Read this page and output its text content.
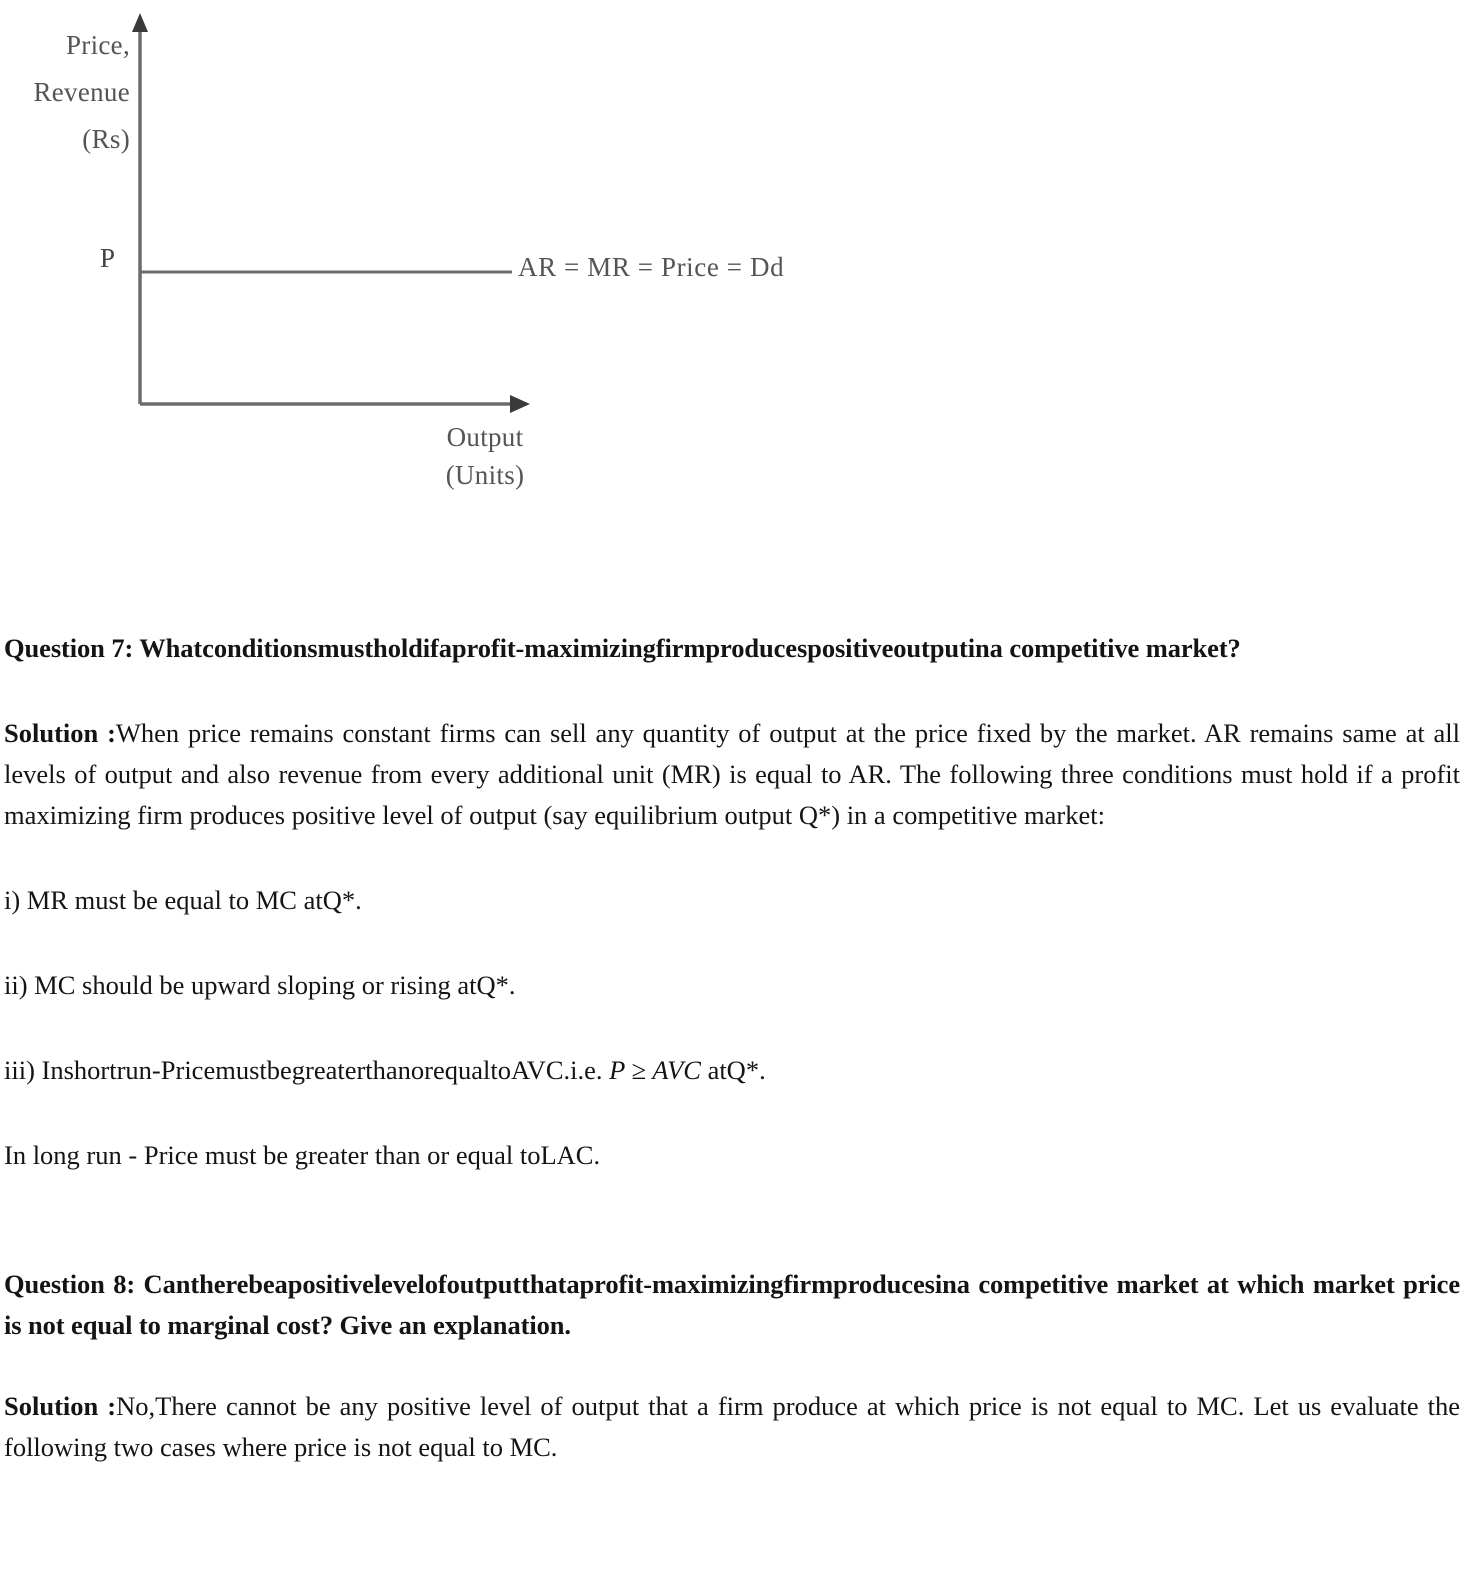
Price,
Revenue
(Rs)
P	AR = MR = Price = Dd
Output
(Units)

Question 7: Whatconditionsmustholdifaprofit-maximizingfirmproducespositiveoutputina competitive market?

Solution :When price remains constant firms can sell any quantity of output at the price fixed by the market. AR remains same at all levels of output and also revenue from every additional unit (MR) is equal to AR. The following three conditions must hold if a profit maximizing firm produces positive level of output (say equilibrium output Q*) in a competitive market:

i) MR must be equal to MC atQ*.

ii) MC should be upward sloping or rising atQ*.

iii) Inshortrun-PricemustbegreaterthanorequaltoAVC.i.e. P ≥ AVC atQ*.

In long run - Price must be greater than or equal toLAC.

Question 8: Cantherebeapositivelevelofoutputthataprofit-maximizingfirmproducesina competitive market at which market price is not equal to marginal cost? Give an explanation.

Solution :No,There cannot be any positive level of output that a firm produce at which price is not equal to MC. Let us evaluate the following two cases where price is not equal to MC.
